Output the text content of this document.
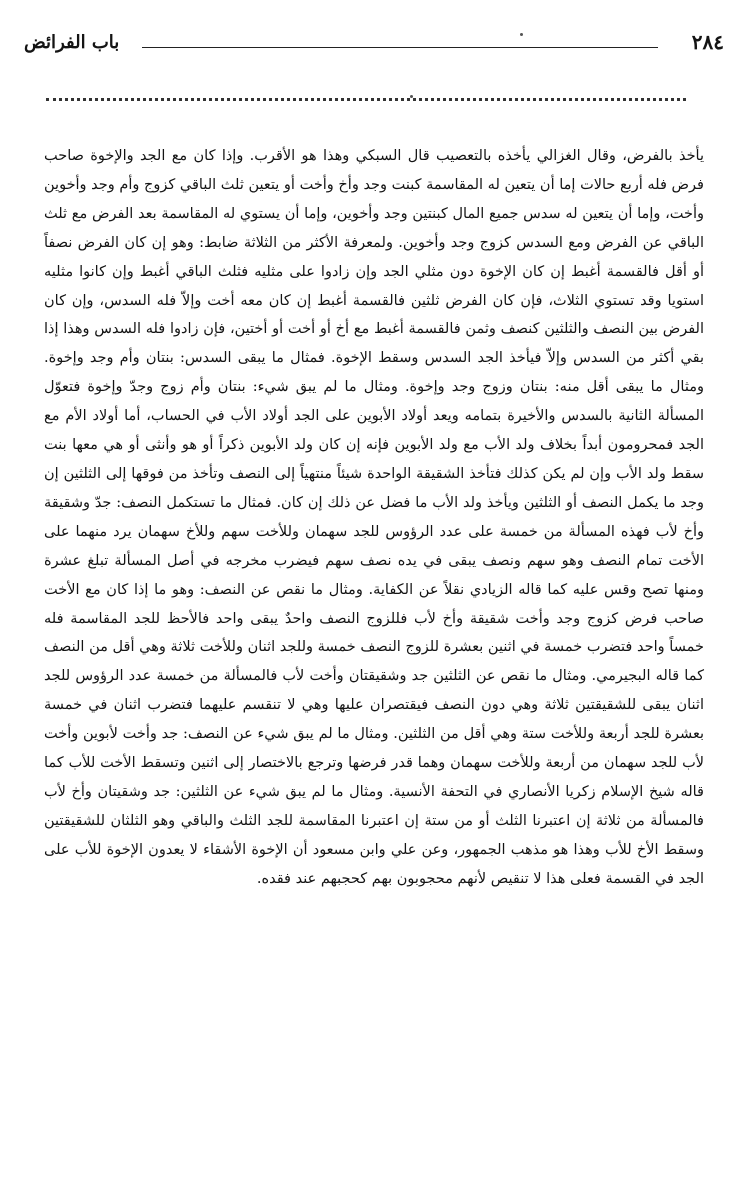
باب الفرائض	٢٨٤

يأخذ بالفرض، وقال الغزالي يأخذه بالتعصيب قال السبكي وهذا هو الأقرب. وإذا كان مع الجد والإخوة صاحب فرض فله أربع حالات إما أن يتعين له المقاسمة كبنت وجد وأخ وأخت أو يتعين ثلث الباقي كزوج وأم وجد وأخوين وأخت، وإما أن يتعين له سدس جميع المال كبنتين وجد وأخوين، وإما أن يستوي له المقاسمة بعد الفرض مع ثلث الباقي عن الفرض ومع السدس كزوج وجد وأخوين. ولمعرفة الأكثر من الثلاثة ضابط: وهو إن كان الفرض نصفاً أو أقل فالقسمة أغبط إن كان الإخوة دون مثلي الجد وإن زادوا على مثليه فثلث الباقي أغبط وإن كانوا مثليه استويا وقد تستوي الثلاث، فإن كان الفرض ثلثين فالقسمة أغبط إن كان معه أخت وإلاّ فله السدس، وإن كان الفرض بين النصف والثلثين كنصف وثمن فالقسمة أغبط مع أخ أو أخت أو أختين، فإن زادوا فله السدس وهذا إذا بقي أكثر من السدس وإلاّ فيأخذ الجد السدس وسقط الإخوة. فمثال ما يبقى السدس: بنتان وأم وجد وإخوة. ومثال ما يبقى أقل منه: بنتان وزوج وجد وإخوة. ومثال ما لم يبق شيء: بنتان وأم زوج وجدّ وإخوة فتعوّل المسألة الثانية بالسدس والأخيرة بتمامه ويعد أولاد الأبوين على الجد أولاد الأب في الحساب، أما أولاد الأم مع الجد فمحرومون أبداً بخلاف ولد الأب مع ولد الأبوين فإنه إن كان ولد الأبوين ذكراً أو هو وأنثى أو هي معها بنت سقط ولد الأب وإن لم يكن كذلك فتأخذ الشقيقة الواحدة شيئاً منتهياً إلى النصف وتأخذ من فوقها إلى الثلثين إن وجد ما يكمل النصف أو الثلثين ويأخذ ولد الأب ما فضل عن ذلك إن كان. فمثال ما تستكمل النصف: جدّ وشقيقة وأخ لأب فهذه المسألة من خمسة على عدد الرؤوس للجد سهمان وللأخت سهم وللأخ سهمان يرد منهما على الأخت تمام النصف وهو سهم ونصف يبقى في يده نصف سهم فيضرب مخرجه في أصل المسألة تبلغ عشرة ومنها تصح وقس عليه كما قاله الزيادي نقلاً عن الكفاية. ومثال ما نقص عن النصف: وهو ما إذا كان مع الأخت صاحب فرض كزوج وجد وأخت شقيقة وأخ لأب فللزوج النصف واحدٌ يبقى واحد فالأحظ للجد المقاسمة فله خمساً واحد فتضرب خمسة في اثنين بعشرة للزوج النصف خمسة وللجد اثنان وللأخت ثلاثة وهي أقل من النصف كما قاله البجيرمي. ومثال ما نقص عن الثلثين جد وشقيقتان وأخت لأب فالمسألة من خمسة عدد الرؤوس للجد اثنان يبقى للشقيقتين ثلاثة وهي دون النصف فيقتصران عليها وهي لا تنقسم عليهما فتضرب اثنان في خمسة بعشرة للجد أربعة وللأخت ستة وهي أقل من الثلثين. ومثال ما لم يبق شيء عن النصف: جد وأخت لأبوين وأخت لأب للجد سهمان من أربعة وللأخت سهمان وهما قدر فرضها وترجع بالاختصار إلى اثنين وتسقط الأخت للأب كما قاله شيخ الإسلام زكريا الأنصاري في التحفة الأنسية. ومثال ما لم يبق شيء عن الثلثين: جد وشقيتان وأخ لأب فالمسألة من ثلاثة إن اعتبرنا الثلث أو من ستة إن اعتبرنا المقاسمة للجد الثلث والباقي وهو الثلثان للشقيقتين وسقط الأخ للأب وهذا هو مذهب الجمهور، وعن علي وابن مسعود أن الإخوة الأشقاء لا يعدون الإخوة للأب على الجد في القسمة فعلى هذا لا تنقيص لأنهم محجوبون بهم كحجبهم عند فقده.
